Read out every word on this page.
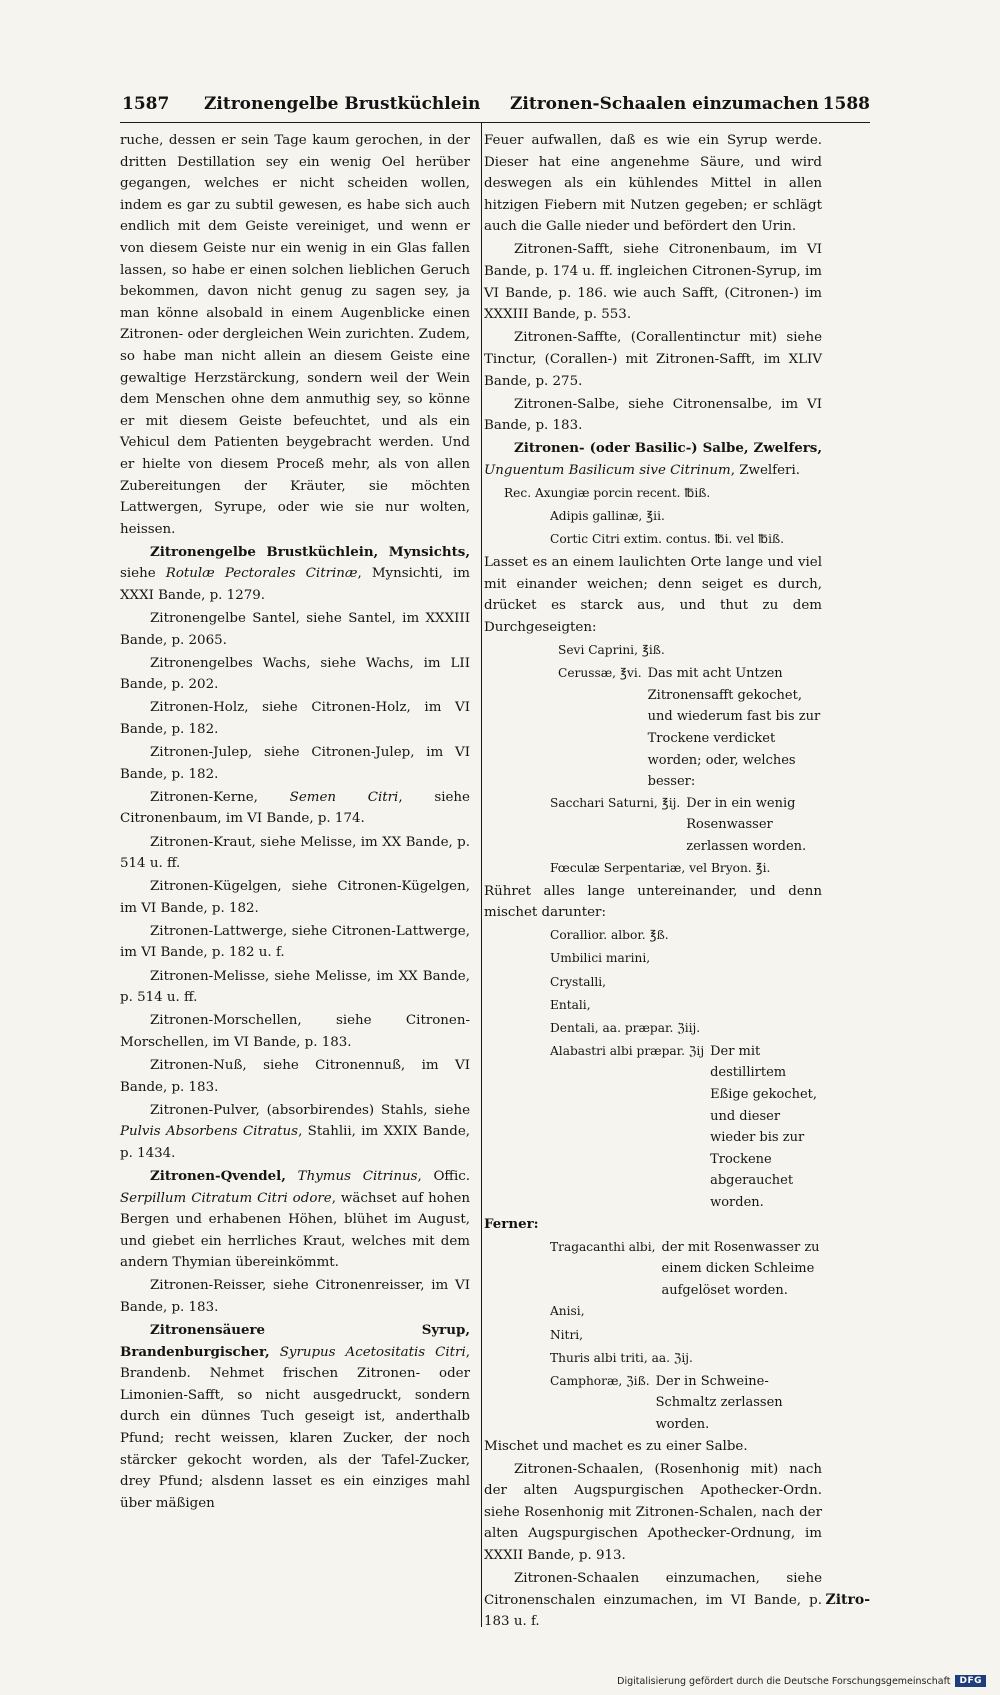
1587 Zitronengelbe Brustküchlein Zitronen-Schaalen einzumachen 1588

ruche, dessen er sein Tage kaum gerochen, in der dritten Destillation sey ein wenig Oel herüber gegangen, welches er nicht scheiden wollen, indem es gar zu subtil gewesen, es habe sich auch endlich mit dem Geiste vereiniget, und wenn er von diesem Geiste nur ein wenig in ein Glas fallen lassen, so habe er einen solchen lieblichen Geruch bekommen, davon nicht genug zu sagen sey, ja man könne alsobald in einem Augenblicke einen Zitronen- oder dergleichen Wein zurichten. Zudem, so habe man nicht allein an diesem Geiste eine gewaltige Herzstärckung, sondern weil der Wein dem Menschen ohne dem anmuthig sey, so könne er mit diesem Geiste befeuchtet, und als ein Vehicul dem Patienten beygebracht werden. Und er hielte von diesem Proceß mehr, als von allen Zubereitungen der Kräuter, sie möchten Lattwergen, Syrupe, oder wie sie nur wolten, heissen.

Zitronengelbe Brustküchlein, Mynsichts, siehe Rotulæ Pectorales Citrinæ, Mynsichti, im XXXI Bande, p. 1279.

Zitronengelbe Santel, siehe Santel, im XXXIII Bande, p. 2065.

Zitronengelbes Wachs, siehe Wachs, im LII Bande, p. 202.

Zitronen-Holz, siehe Citronen-Holz, im VI Bande, p. 182.

Zitronen-Julep, siehe Citronen-Julep, im VI Bande, p. 182.

Zitronen-Kerne, Semen Citri, siehe Citronenbaum, im VI Bande, p. 174.

Zitronen-Kraut, siehe Melisse, im XX Bande, p. 514 u. ff.

Zitronen-Kügelgen, siehe Citronen-Kügelgen, im VI Bande, p. 182.

Zitronen-Lattwerge, siehe Citronen-Lattwerge, im VI Bande, p. 182 u. f.

Zitronen-Melisse, siehe Melisse, im XX Bande, p. 514 u. ff.

Zitronen-Morschellen, siehe Citronen-Morschellen, im VI Bande, p. 183.

Zitronen-Nuß, siehe Citronennuß, im VI Bande, p. 183.

Zitronen-Pulver, (absorbirendes) Stahls, siehe Pulvis Absorbens Citratus, Stahlii, im XXIX Bande, p. 1434.

Zitronen-Qvendel, Thymus Citrinus, Offic. Serpillum Citratum Citri odore, wächset auf hohen Bergen und erhabenen Höhen, blühet im August, und giebet ein herrliches Kraut, welches mit dem andern Thymian übereinkömmt.

Zitronen-Reisser, siehe Citronenreisser, im VI Bande, p. 183.

Zitronensäuere Syrup, Brandenburgischer, Syrupus Acetositatis Citri, Brandenb. Nehmet frischen Zitronen- oder Limonien-Safft, so nicht ausgedruckt, sondern durch ein dünnes Tuch geseigt ist, anderthalb Pfund; recht weissen, klaren Zucker, der noch stärcker gekocht worden, als der Tafel-Zucker, drey Pfund; alsdenn lasset es ein einziges mahl über mäßigen

Feuer aufwallen, daß es wie ein Syrup werde. Dieser hat eine angenehme Säure, und wird deswegen als ein kühlendes Mittel in allen hitzigen Fiebern mit Nutzen gegeben; er schlägt auch die Galle nieder und befördert den Urin.

Zitronen-Safft, siehe Citronenbaum, im VI Bande, p. 174 u. ff. ingleichen Citronen-Syrup, im VI Bande, p. 186. wie auch Safft, (Citronen-) im XXXIII Bande, p. 553.

Zitronen-Saffte, (Corallentinctur mit) siehe Tinctur, (Corallen-) mit Zitronen-Safft, im XLIV Bande, p. 275.

Zitronen-Salbe, siehe Citronensalbe, im VI Bande, p. 183.

Zitronen- (oder Basilic-) Salbe, Zwelfers, Unguentum Basilicum sive Citrinum, Zwelferi.

Rec. Axungiæ porcin recent. ℔iß.

Adipis gallinæ, ℥ii.

Cortic Citri extim. contus. ℔i. vel ℔iß.

Lasset es an einem laulichten Orte lange und viel mit einander weichen; denn seiget es durch, drücket es starck aus, und thut zu dem Durchgeseigten:

Sevi Caprini, ℥iß.

Cerussæ, ℥vi. Das mit acht Untzen Zitronensafft gekochet, und wiederum fast bis zur Trockene verdicket worden; oder, welches besser:
Sacchari Saturni, ℥ij. Der in ein wenig Rosenwasser zerlassen worden.

Fœculæ Serpentariæ, vel Bryon. ℥i.

Rühret alles lange untereinander, und denn mischet darunter:

Corallior. albor. ℥ß.

Umbilici marini,

Crystalli,

Entali,

Dentali, aa. præpar. ℨiij.

Alabastri albi præpar. ℨij Der mit destillirtem Eßige gekochet, und dieser wieder bis zur Trockene abgerauchet worden.

Ferner:

Tragacanthi albi, der mit Rosenwasser zu einem dicken Schleime aufgelöset worden.

Anisi,

Nitri,

Thuris albi triti, aa. ℨij.

Camphoræ, ℨiß. Der in Schweine-Schmaltz zerlassen worden.

Mischet und machet es zu einer Salbe.

Zitronen-Schaalen, (Rosenhonig mit) nach der alten Augspurgischen Apothecker-Ordn. siehe Rosenhonig mit Zitronen-Schalen, nach der alten Augspurgischen Apothecker-Ordnung, im XXXII Bande, p. 913.

Zitronen-Schaalen einzumachen, siehe Citronenschalen einzumachen, im VI Bande, p. 183 u. f.

Zitro-
Digitalisierung gefördert durch die Deutsche Forschungsgemeinschaft	DFG
